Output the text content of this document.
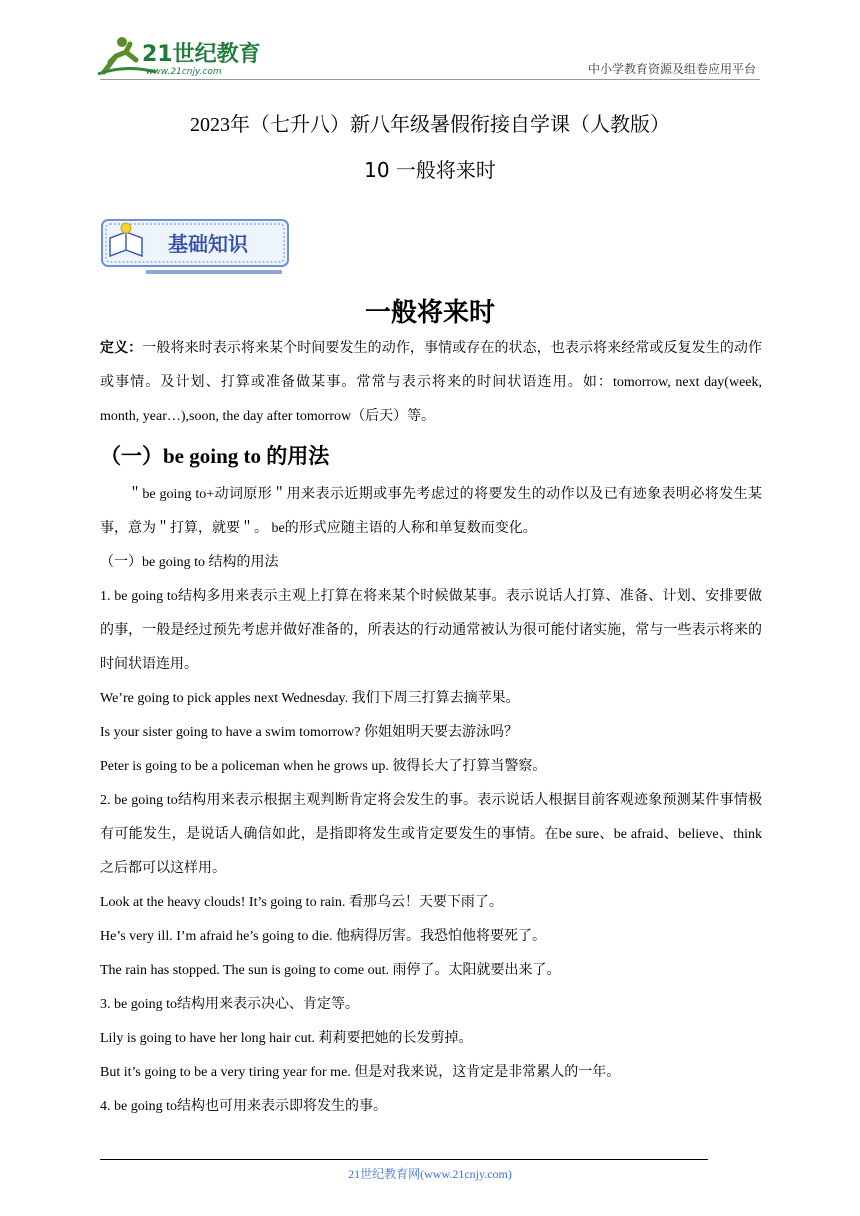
21世纪教育
www.21cnjy.com	中小学教育资源及组卷应用平台
2023年（七升八）新八年级暑假衔接自学课（人教版）
10 一般将来时
基础知识
一般将来时
定义：一般将来时表示将来某个时间要发生的动作，事情或存在的状态，也表示将来经常或反复发生的动作或事情。及计划、打算或准备做某事。常常与表示将来的时间状语连用。如：tomorrow, next day(week, month, year…),soon, the day after tomorrow（后天）等。
（一）be going to 的用法
＂be going to+动词原形＂用来表示近期或事先考虑过的将要发生的动作以及已有迹象表明必将发生某事，意为＂打算，就要＂。 be的形式应随主语的人称和单复数而变化。
（一）be going to 结构的用法
1. be going to结构多用来表示主观上打算在将来某个时候做某事。表示说话人打算、准备、计划、安排要做的事，一般是经过预先考虑并做好准备的，所表达的行动通常被认为很可能付诸实施，常与一些表示将来的时间状语连用。
We’re going to pick apples next Wednesday. 我们下周三打算去摘苹果。
Is your sister going to have a swim tomorrow? 你姐姐明天要去游泳吗？
Peter is going to be a policeman when he grows up. 彼得长大了打算当警察。
2. be going to结构用来表示根据主观判断肯定将会发生的事。表示说话人根据目前客观迹象预测某件事情极有可能发生，是说话人确信如此，是指即将发生或肯定要发生的事情。在be sure、be afraid、believe、think 之后都可以这样用。
Look at the heavy clouds! It’s going to rain. 看那乌云！天要下雨了。
He’s very ill. I’m afraid he’s going to die. 他病得厉害。我恐怕他将要死了。
The rain has stopped. The sun is going to come out. 雨停了。太阳就要出来了。
3. be going to结构用来表示决心、肯定等。
Lily is going to have her long hair cut. 莉莉要把她的长发剪掉。
But it’s going to be a very tiring year for me. 但是对我来说，这肯定是非常累人的一年。
4. be going to结构也可用来表示即将发生的事。
21世纪教育网(www.21cnjy.com)
